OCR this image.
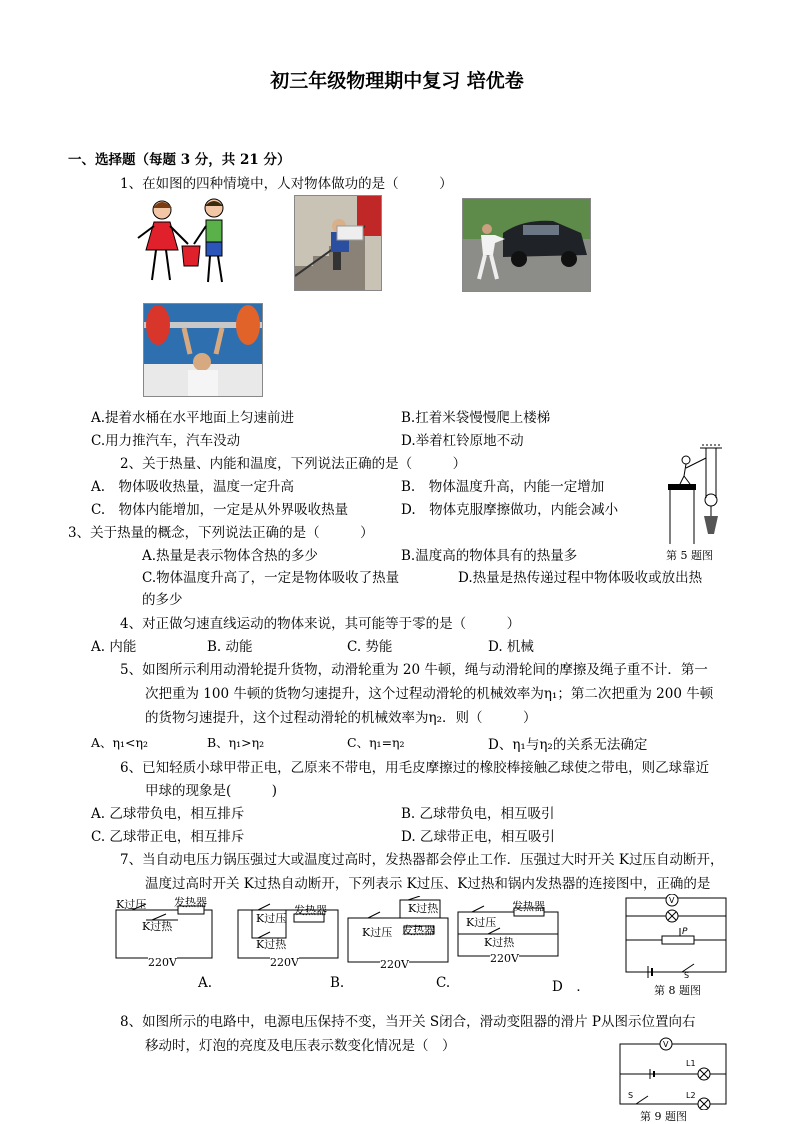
初三年级物理期中复习 培优卷
一、选择题（每题 3 分，共 21 分）
1、在如图的四种情境中，人对物体做功的是（　　　）
A.提着水桶在水平地面上匀速前进	B.扛着米袋慢慢爬上楼梯
C.用力推汽车，汽车没动	D.举着杠铃原地不动
2、关于热量、内能和温度，下列说法正确的是（　　　）
A.　物体吸收热量，温度一定升高	B.　物体温度升高，内能一定增加
C.　物体内能增加，一定是从外界吸收热量	D.　物体克服摩擦做功，内能会减小
第 5 题图
3、关于热量的概念，下列说法正确的是（　　　）
A.热量是表示物体含热的多少	B.温度高的物体具有的热量多
C.物体温度升高了，一定是物体吸收了热量	D.热量是热传递过程中物体吸收或放出热
的多少
4、对正做匀速直线运动的物体来说，其可能等于零的是（　　　）
A. 内能	B. 动能	C. 势能	D. 机械
5、如图所示利用动滑轮提升货物，动滑轮重为 20 牛顿，绳与动滑轮间的摩擦及绳子重不计．第一
次把重为 100 牛顿的货物匀速提升，这个过程动滑轮的机械效率为η₁；第二次把重为 200 牛顿
的货物匀速提升，这个过程动滑轮的机械效率为η₂．则（　　　）
A、η₁<η₂	B、η₁>η₂	C、η₁=η₂	D、η₁与η₂的关系无法确定
6、已知轻质小球甲带正电，乙原来不带电，用毛皮摩擦过的橡胶棒接触乙球使之带电，则乙球靠近
甲球的现象是(　　　)
A. 乙球带负电，相互排斥	B. 乙球带负电，相互吸引
C. 乙球带正电，相互排斥	D. 乙球带正电，相互吸引
7、当自动电压力锅压强过大或温度过高时，发热器都会停止工作．压强过大时开关 K过压自动断开，
温度过高时开关 K过热自动断开，下列表示 K过压、K过热和锅内发热器的连接图中，正确的是
K过压	发热器
K过热
220V
发热器
K过压
K过热
220V
K过热
K过压 发热器
220V
发热器
K过压
K过热
220V
A.	B.	C.	D　．
V
P
S
第 8 题图
8、如图所示的电路中，电源电压保持不变，当开关 S闭合，滑动变阻器的滑片 P从图示位置向右
移动时，灯泡的亮度及电压表示数变化情况是（　）	V
L1
L2
S
第 9 题图
